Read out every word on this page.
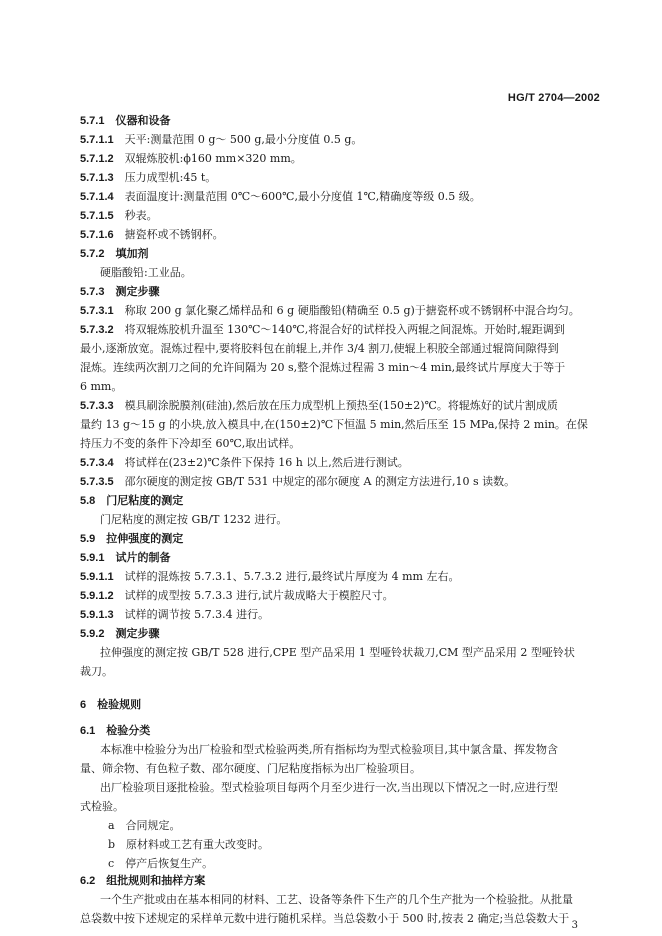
HG/T 2704—2002
5.7.1　 仪器和设备
5.7.1.1　 天平:测量范围 0 g～ 500 g,最小分度值 0.5 g。
5.7.1.2　 双辊炼胶机:ϕ160 mm×320 mm。
5.7.1.3　 压力成型机:45 t。
5.7.1.4　 表面温度计:测量范围 0℃～600℃,最小分度值 1℃,精确度等级 0.5 级。
5.7.1.5　 秒表。
5.7.1.6　 搪瓷杯或不锈钢杯。
5.7.2　 填加剂
硬脂酸铅:工业品。
5.7.3　 测定步骤
5.7.3.1　 称取 200 g 氯化聚乙烯样品和 6 g 硬脂酸铅(精确至 0.5 g)于搪瓷杯或不锈钢杯中混合均匀。
5.7.3.2　 将双辊炼胶机升温至 130℃～140℃,将混合好的试样投入两辊之间混炼。开始时,辊距调到
最小,逐渐放宽。混炼过程中,要将胶料包在前辊上,并作 3/4 割刀,使辊上积胶全部通过辊筒间隙得到
混炼。连续两次割刀之间的允许间隔为 20 s,整个混炼过程需 3 min～4 min,最终试片厚度大于等于
6 mm。
5.7.3.3　 模具刷涂脱膜剂(硅油),然后放在压力成型机上预热至(150±2)℃。将辊炼好的试片割成质
量约 13 g～15 g 的小块,放入模具中,在(150±2)℃下恒温 5 min,然后压至 15 MPa,保持 2 min。在保
持压力不变的条件下冷却至 60℃,取出试样。
5.7.3.4　 将试样在(23±2)℃条件下保持 16 h 以上,然后进行测试。
5.7.3.5　 邵尔硬度的测定按 GB/T 531 中规定的邵尔硬度 A 的测定方法进行,10 s 读数。
5.8　 门尼粘度的测定
门尼粘度的测定按 GB/T 1232 进行。
5.9　 拉伸强度的测定
5.9.1　 试片的制备
5.9.1.1　 试样的混炼按 5.7.3.1、5.7.3.2 进行,最终试片厚度为 4 mm 左右。
5.9.1.2　 试样的成型按 5.7.3.3 进行,试片裁成略大于模腔尺寸。
5.9.1.3　 试样的调节按 5.7.3.4 进行。
5.9.2　 测定步骤
拉伸强度的测定按 GB/T 528 进行,CPE 型产品采用 1 型哑铃状裁刀,CM 型产品采用 2 型哑铃状
裁刀。
6　 检验规则
6.1　 检验分类
本标准中检验分为出厂检验和型式检验两类,所有指标均为型式检验项目,其中氯含量、挥发物含
量、筛余物、有色粒子数、邵尔硬度、门尼粘度指标为出厂检验项目。
出厂检验项目逐批检验。型式检验项目每两个月至少进行一次,当出现以下情况之一时,应进行型
式检验。
a　 合同规定。
b　 原材料或工艺有重大改变时。
c　 停产后恢复生产。
3
6.2　 组批规则和抽样方案
一个生产批或由在基本相同的材料、工艺、设备等条件下生产的几个生产批为一个检验批。从批量
总袋数中按下述规定的采样单元数中进行随机采样。当总袋数小于 500 时,按表 2 确定;当总袋数大于
